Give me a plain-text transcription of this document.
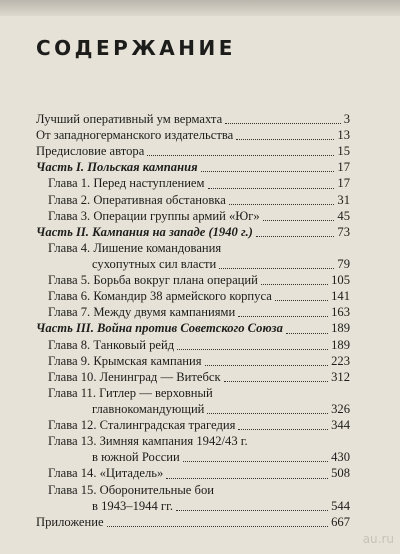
СОДЕРЖАНИЕ
Лучший оперативный ум вермахта	3
От западногерманского издательства	13
Предисловие автора	15
Часть I. Польская кампания	17
Глава 1. Перед наступлением	17
Глава 2. Оперативная обстановка	31
Глава 3. Операции группы армий «Юг»	45
Часть II. Кампания на западе (1940 г.)	73
Глава 4. Лишение командования
сухопутных сил власти	79
Глава 5. Борьба вокруг плана операций	105
Глава 6. Командир 38 армейского корпуса	141
Глава 7. Между двумя кампаниями	163
Часть III. Война против Советского Союза	189
Глава 8. Танковый рейд	189
Глава 9. Крымская кампания	223
Глава 10. Ленинград — Витебск	312
Глава 11. Гитлер — верховный
главнокомандующий	326
Глава 12. Сталинградская трагедия	344
Глава 13. Зимняя кампания 1942/43 г.
в южной России	430
Глава 14. «Цитадель»	508
Глава 15. Оборонительные бои
в 1943–1944 гг.	544
Приложение	667
au.ru
